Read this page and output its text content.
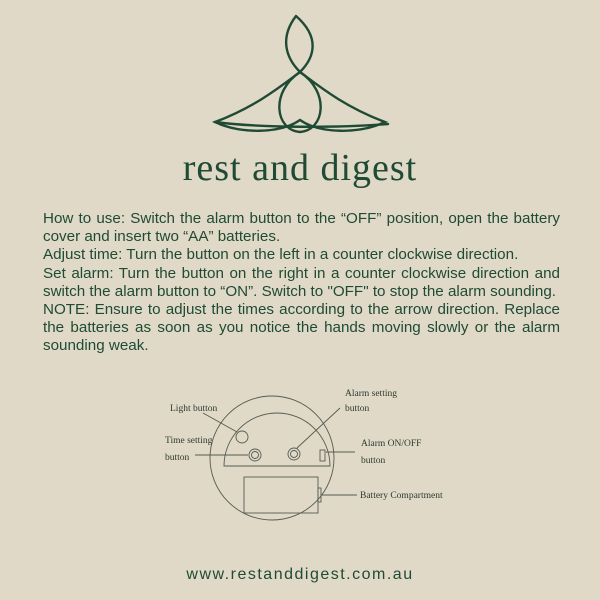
rest and digest

How to use: Switch the alarm button to the “OFF” position, open the battery cover and insert two “AA” batteries.

Adjust time: Turn the button on the left in a counter clockwise direction.

Set alarm: Turn the button on the right in a counter clockwise direction and switch the alarm button to “ON”. Switch to "OFF" to stop the alarm sounding.

NOTE: Ensure to adjust the times according to the arrow direction. Replace the batteries as soon as you notice the hands moving slowly or the alarm sounding weak.

Light button
Time setting
button
Alarm setting
button
Alarm ON/OFF
button
Battery Compartment
www.restanddigest.com.au
